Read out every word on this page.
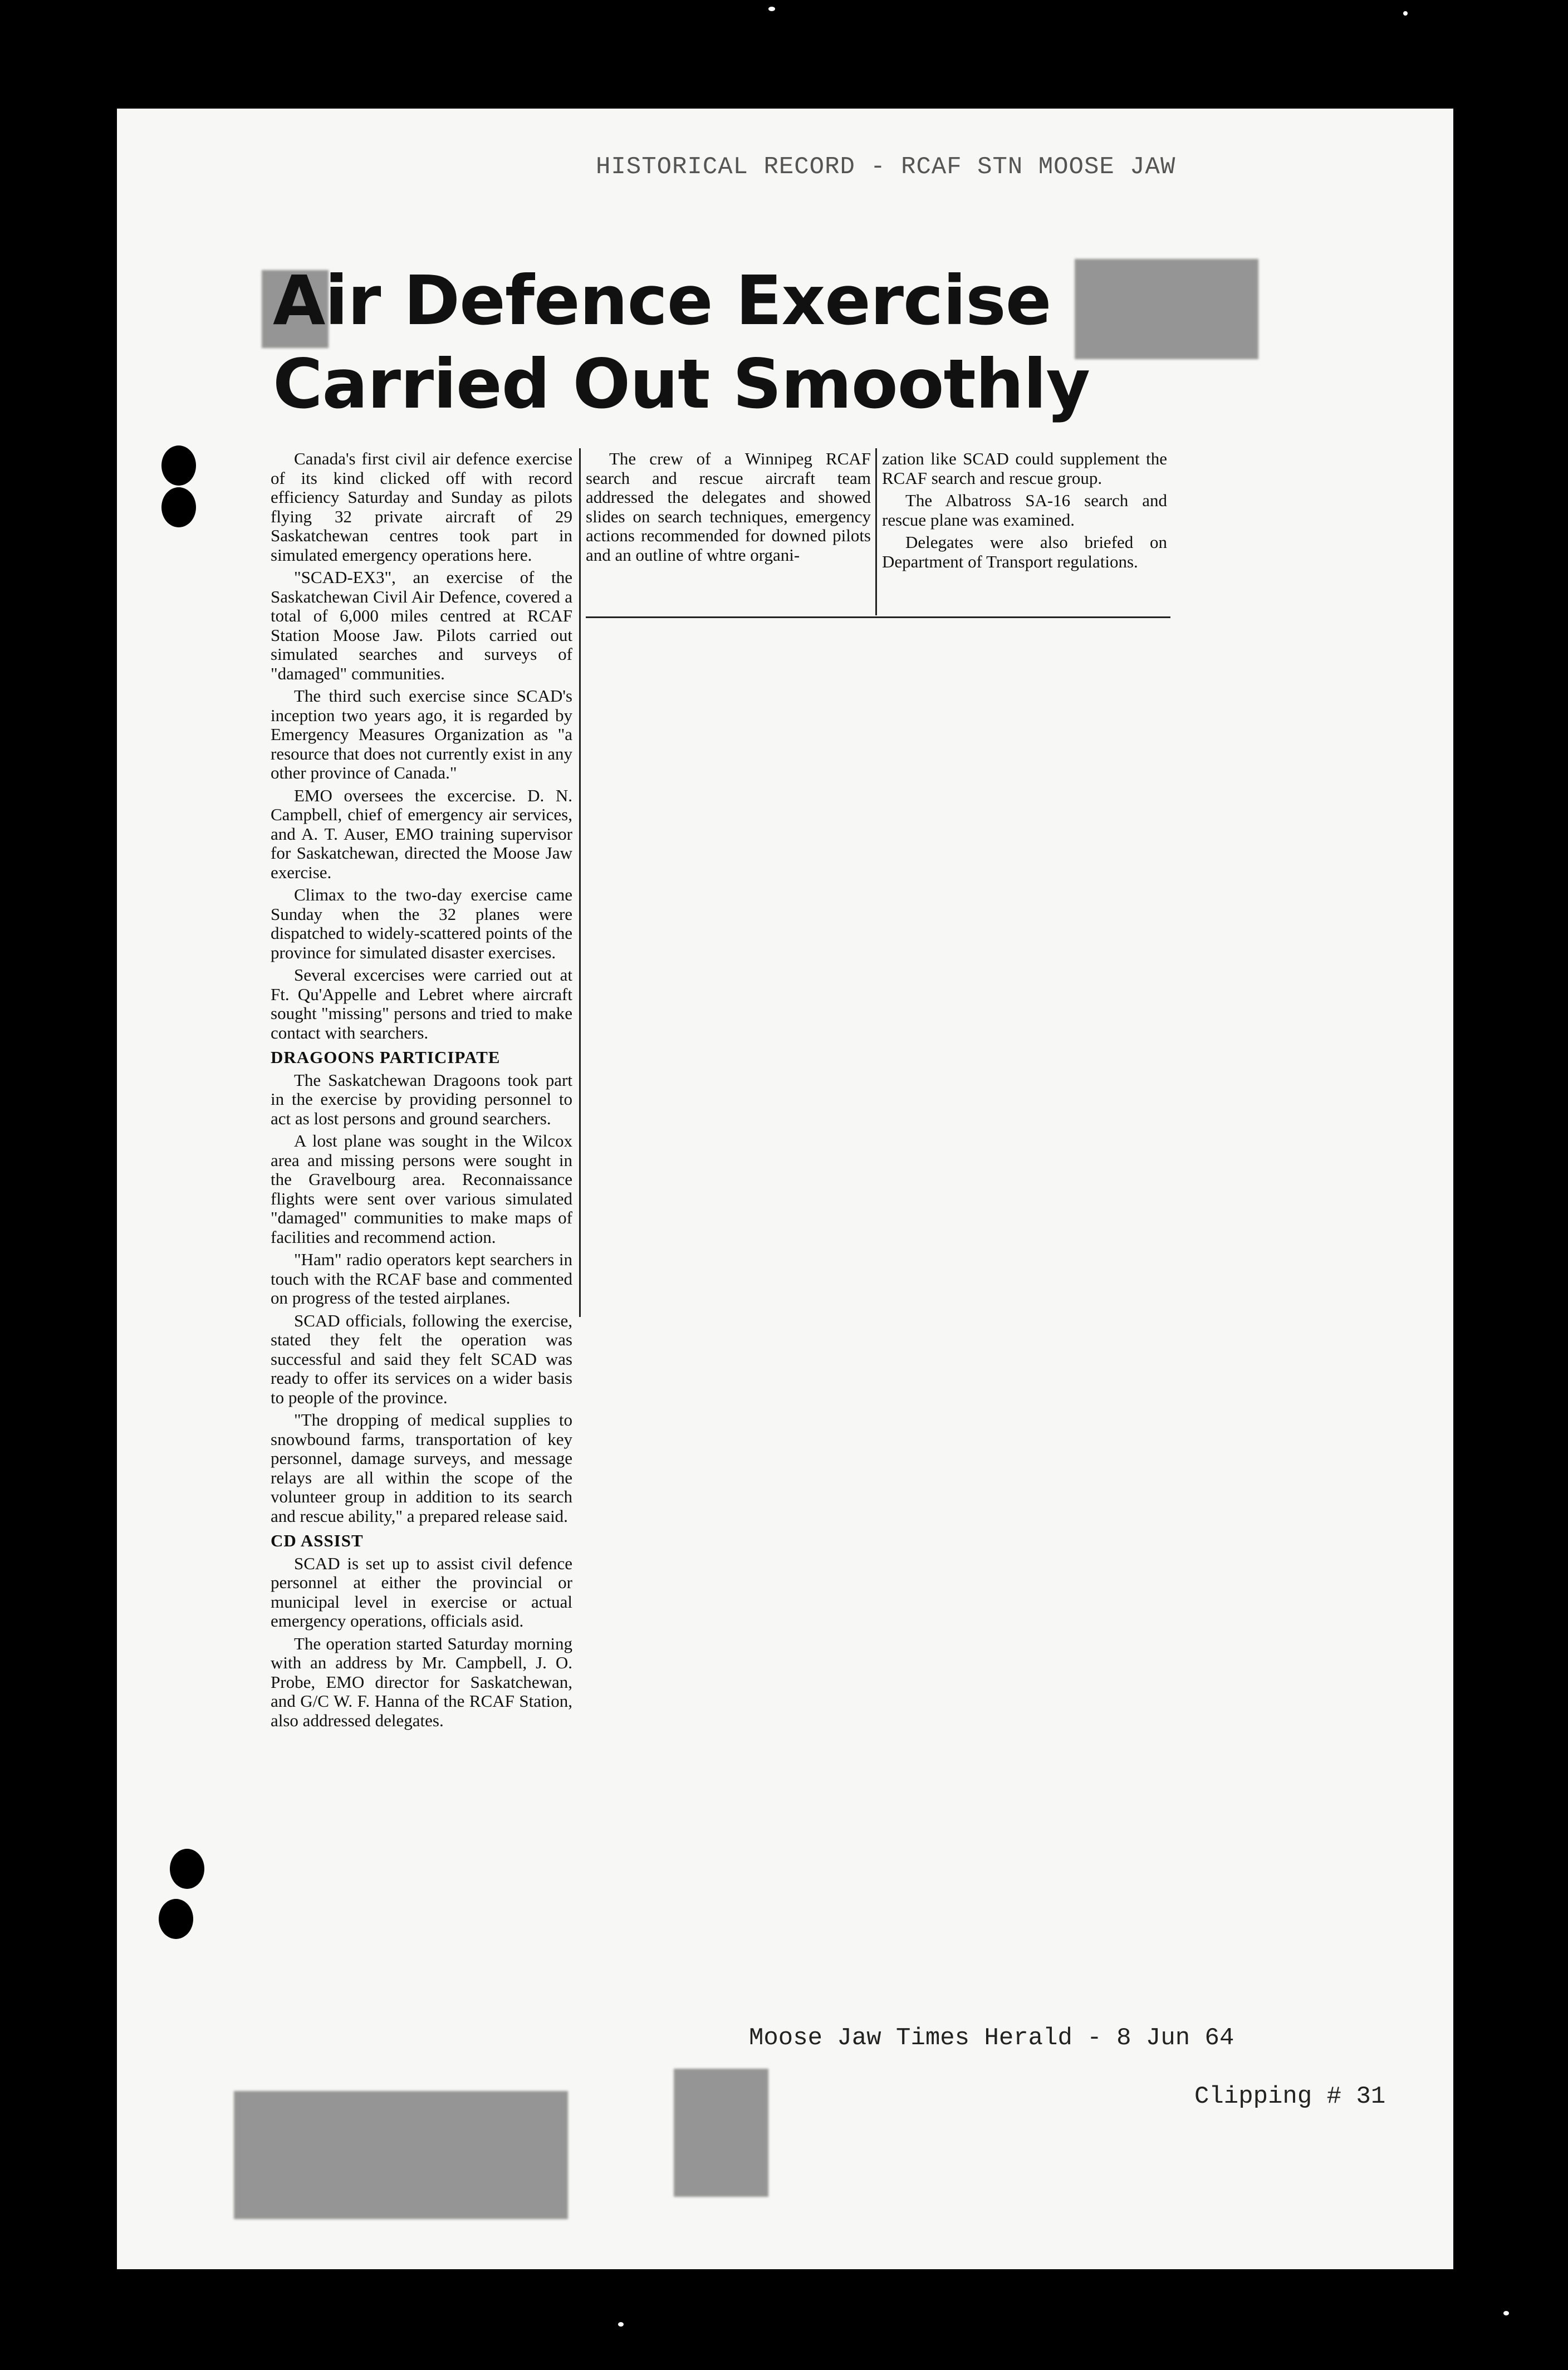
HISTORICAL RECORD - RCAF STN MOOSE JAW
Air Defence Exercise
Carried Out Smoothly

Canada's first civil air defence exercise of its kind clicked off with record efficiency Saturday and Sunday as pilots flying 32 private aircraft of 29 Saskatchewan centres took part in simulated emergency operations here.

"SCAD-EX3", an exercise of the Saskatchewan Civil Air Defence, covered a total of 6,000 miles centred at RCAF Station Moose Jaw. Pilots carried out simulated searches and surveys of "damaged" communities.

The third such exercise since SCAD's inception two years ago, it is regarded by Emergency Measures Organization as "a resource that does not currently exist in any other province of Canada."

EMO oversees the excercise. D. N. Campbell, chief of emergency air services, and A. T. Auser, EMO training supervisor for Saskatchewan, directed the Moose Jaw exercise.

Climax to the two-day exercise came Sunday when the 32 planes were dispatched to widely-scattered points of the province for simulated disaster exercises.

Several excercises were carried out at Ft. Qu'Appelle and Lebret where aircraft sought "missing" persons and tried to make contact with searchers.

DRAGOONS PARTICIPATE

The Saskatchewan Dragoons took part in the exercise by providing personnel to act as lost persons and ground searchers.

A lost plane was sought in the Wilcox area and missing persons were sought in the Gravelbourg area. Reconnaissance flights were sent over various simulated "damaged" communities to make maps of facilities and recommend action.

"Ham" radio operators kept searchers in touch with the RCAF base and commented on progress of the tested airplanes.

SCAD officials, following the exercise, stated they felt the operation was successful and said they felt SCAD was ready to offer its services on a wider basis to people of the province.

"The dropping of medical supplies to snowbound farms, transportation of key personnel, damage surveys, and message relays are all within the scope of the volunteer group in addition to its search and rescue ability," a prepared release said.

CD ASSIST

SCAD is set up to assist civil defence personnel at either the provincial or municipal level in exercise or actual emergency operations, officials asid.

The operation started Saturday morning with an address by Mr. Campbell, J. O. Probe, EMO director for Saskatchewan, and G/C W. F. Hanna of the RCAF Station, also addressed delegates.

The crew of a Winnipeg RCAF search and rescue aircraft team addressed the delegates and showed slides on search techniques, emergency actions recommended for downed pilots and an outline of whtre organi-

zation like SCAD could supplement the RCAF search and rescue group.

The Albatross SA-16 search and rescue plane was examined.

Delegates were also briefed on Department of Transport regulations.

Moose Jaw Times Herald - 8 Jun 64
Clipping # 31
